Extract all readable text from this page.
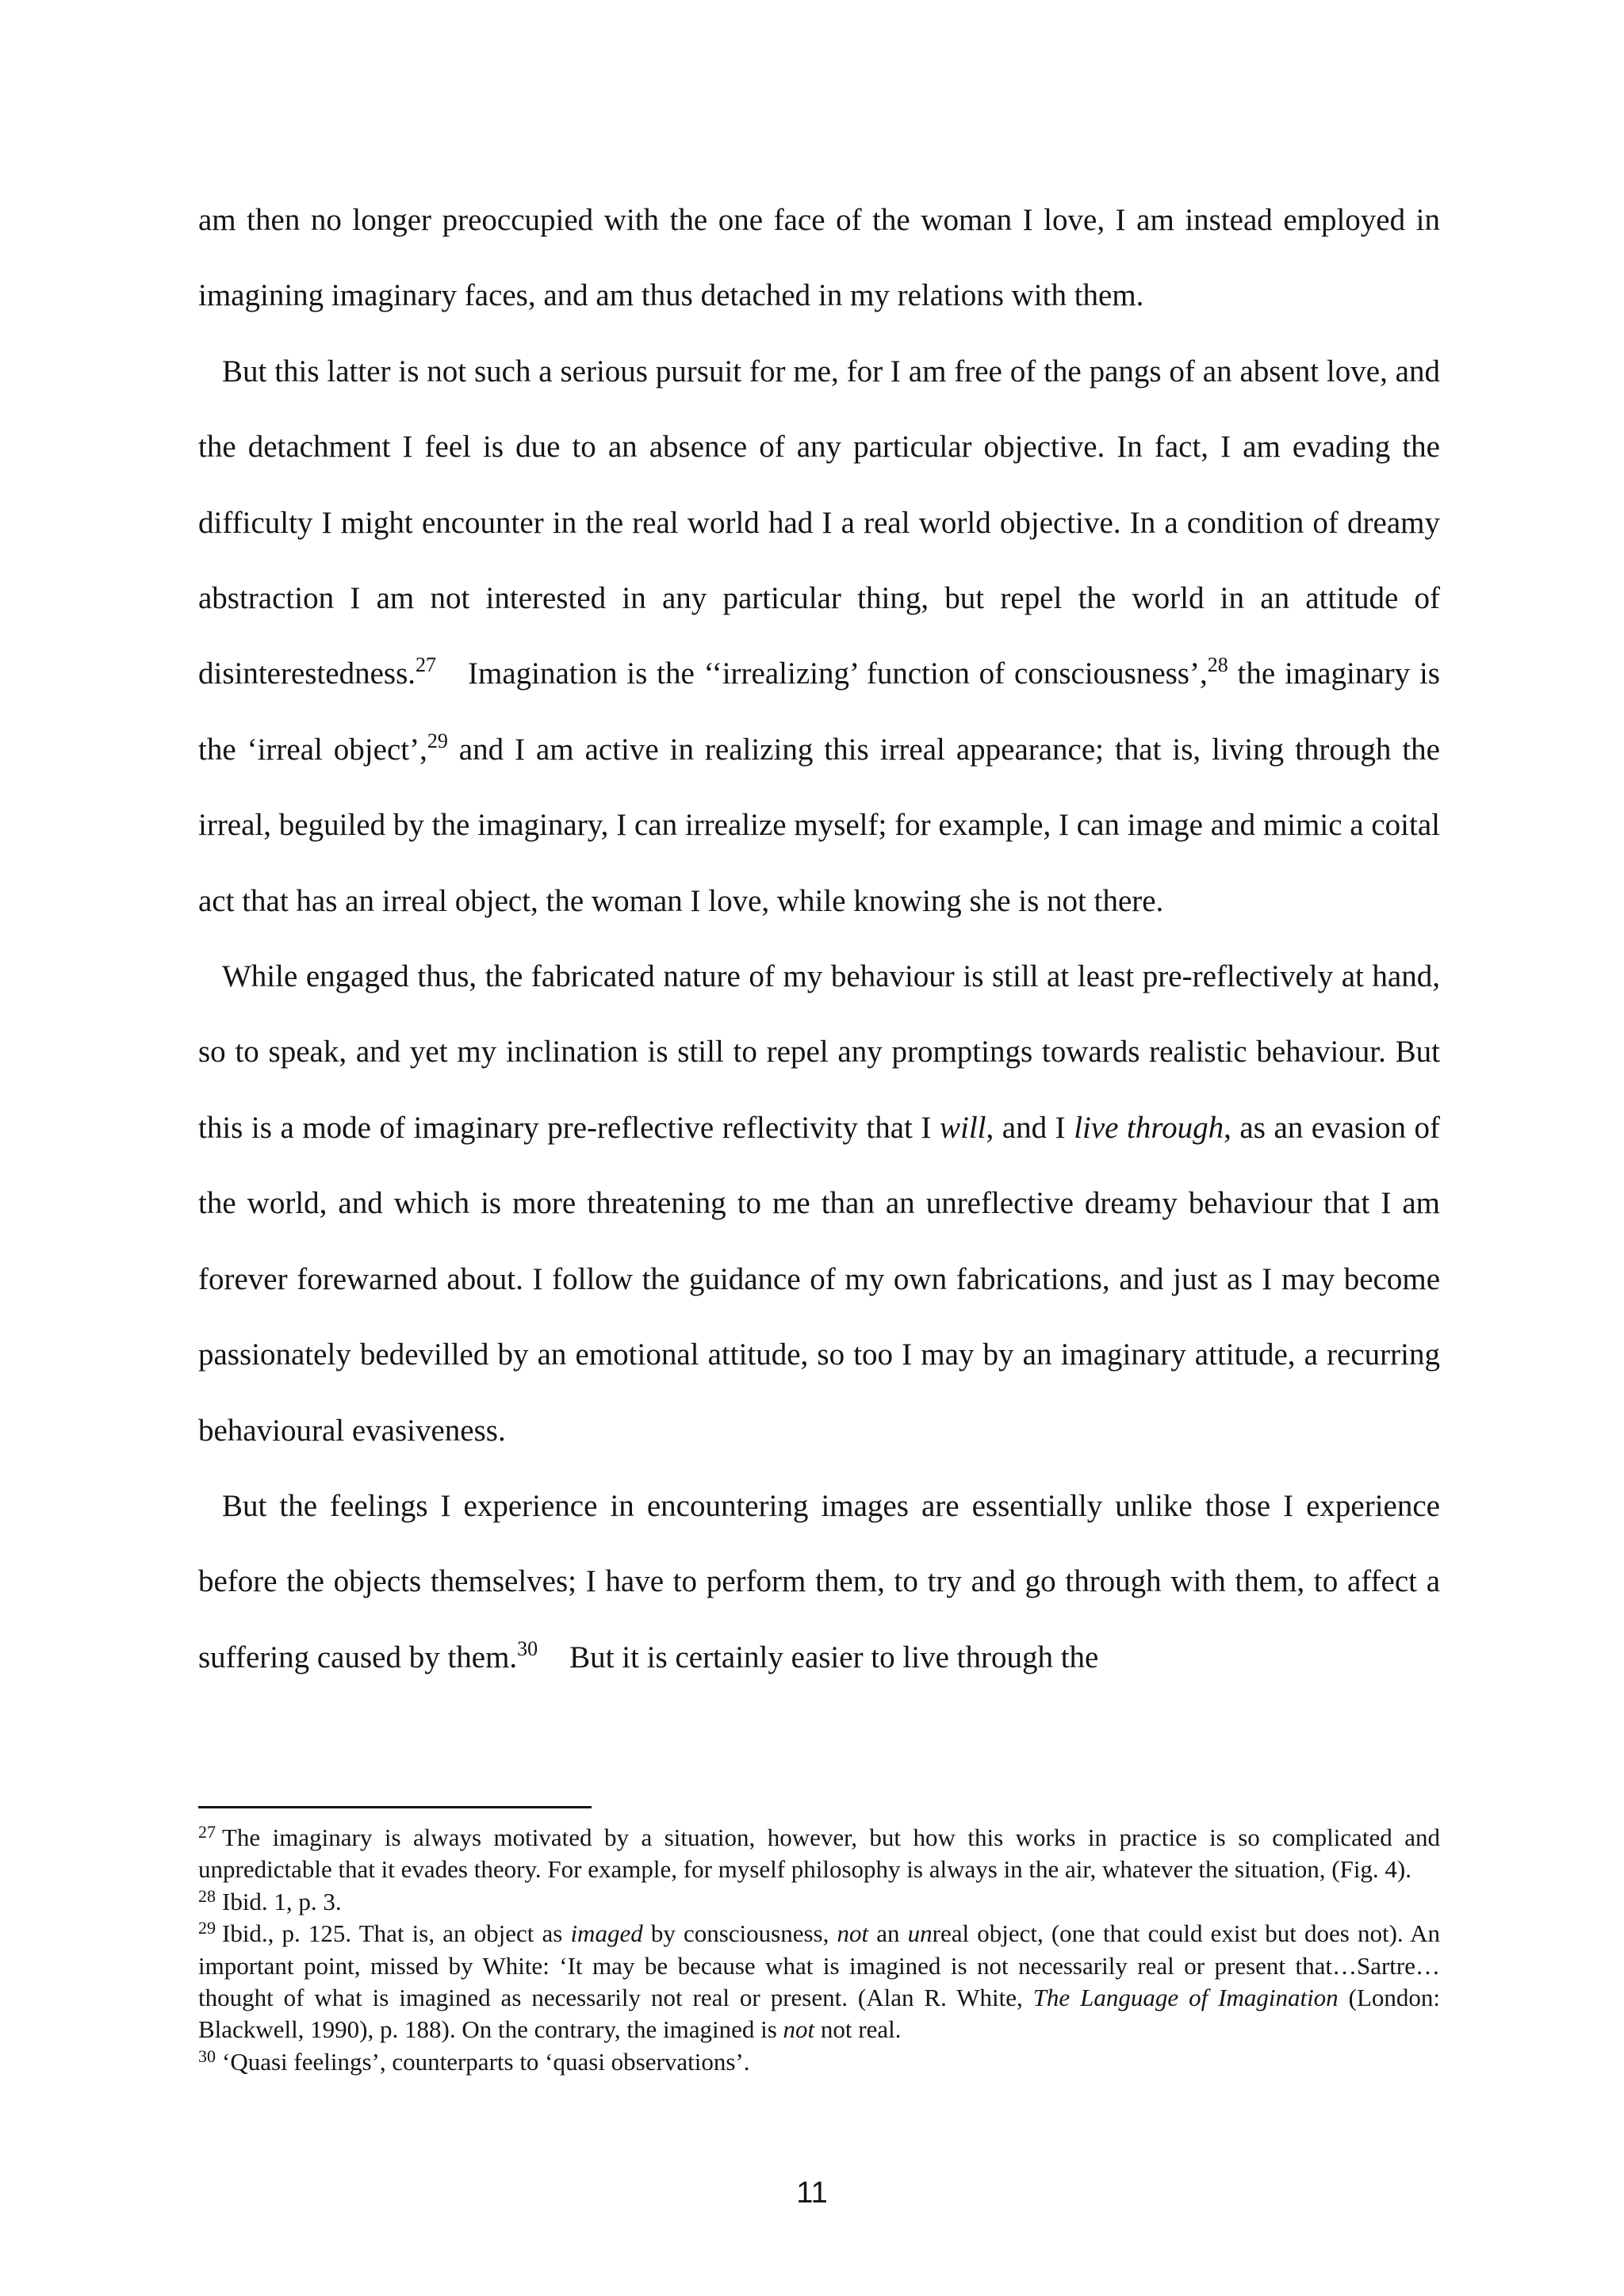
am then no longer preoccupied with the one face of the woman I love, I am instead employed in imagining imaginary faces, and am thus detached in my relations with them.

But this latter is not such a serious pursuit for me, for I am free of the pangs of an absent love, and the detachment I feel is due to an absence of any particular objective. In fact, I am evading the difficulty I might encounter in the real world had I a real world objective. In a condition of dreamy abstraction I am not interested in any particular thing, but repel the world in an attitude of disinterestedness.$^{27}$ Imagination is the ‘‘irrealizing’ function of consciousness’,$^{28}$ the imaginary is the ‘irreal object’,$^{29}$ and I am active in realizing this irreal appearance; that is, living through the irreal, beguiled by the imaginary, I can irrealize myself; for example, I can image and mimic a coital act that has an irreal object, the woman I love, while knowing she is not there.

While engaged thus, the fabricated nature of my behaviour is still at least pre-reflectively at hand, so to speak, and yet my inclination is still to repel any promptings towards realistic behaviour. But this is a mode of imaginary pre-reflective reflectivity that I will, and I live through, as an evasion of the world, and which is more threatening to me than an unreflective dreamy behaviour that I am forever forewarned about. I follow the guidance of my own fabrications, and just as I may become passionately bedevilled by an emotional attitude, so too I may by an imaginary attitude, a recurring behavioural evasiveness.

But the feelings I experience in encountering images are essentially unlike those I experience before the objects themselves; I have to perform them, to try and go through with them, to affect a suffering caused by them.$^{30}$ But it is certainly easier to live through the

$^{27}$ The imaginary is always motivated by a situation, however, but how this works in practice is so complicated and unpredictable that it evades theory. For example, for myself philosophy is always in the air, whatever the situation, (Fig. 4).

$^{28}$ Ibid. 1, p. 3.

$^{29}$ Ibid., p. 125. That is, an object as imaged by consciousness, not an unreal object, (one that could exist but does not). An important point, missed by White: ‘It may be because what is imagined is not necessarily real or present that…Sartre…thought of what is imagined as necessarily not real or present. (Alan R. White, The Language of Imagination (London: Blackwell, 1990), p. 188). On the contrary, the imagined is not not real.

$^{30}$ ‘Quasi feelings’, counterparts to ‘quasi observations’.

11
